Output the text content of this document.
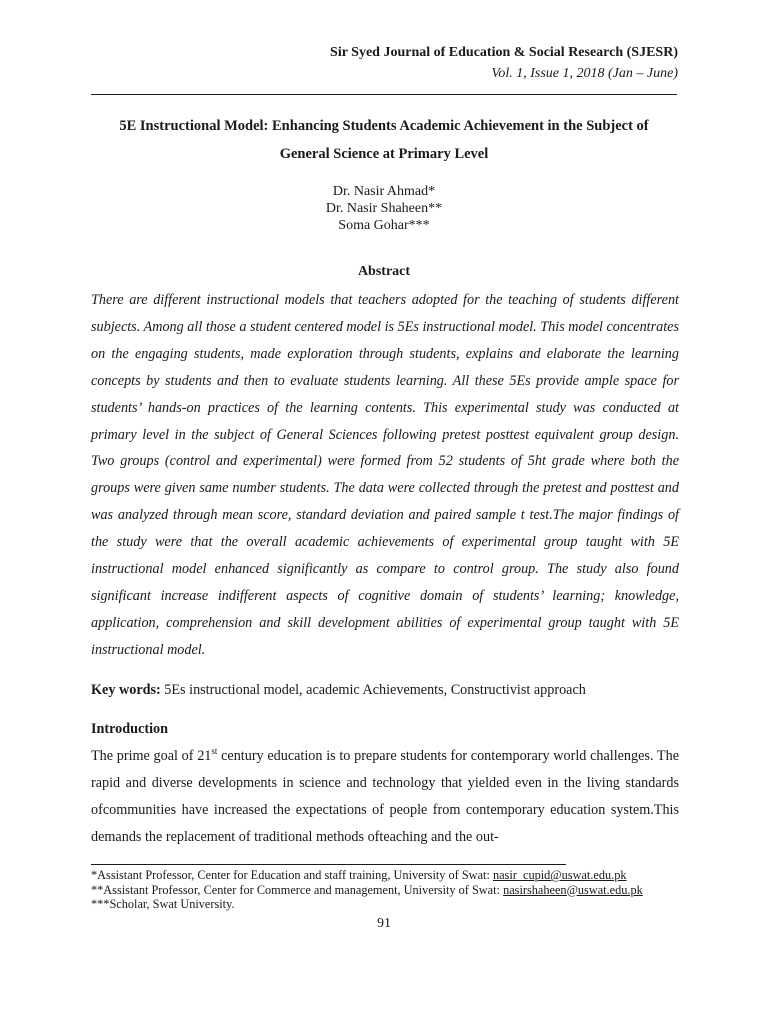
Sir Syed Journal of Education & Social Research (SJESR)
Vol. 1, Issue 1, 2018 (Jan – June)
5E Instructional Model: Enhancing Students Academic Achievement in the Subject of
General Science at Primary Level
Dr. Nasir Ahmad*
Dr. Nasir Shaheen**
Soma Gohar***
Abstract

There are different instructional models that teachers adopted for the teaching of students different subjects. Among all those a student centered model is 5Es instructional model. This model concentrates on the engaging students, made exploration through students, explains and elaborate the learning concepts by students and then to evaluate students learning. All these 5Es provide ample space for students’ hands-on practices of the learning contents. This experimental study was conducted at primary level in the subject of General Sciences following pretest posttest equivalent group design. Two groups (control and experimental) were formed from 52 students of 5ht grade where both the groups were given same number students. The data were collected through the pretest and posttest and was analyzed through mean score, standard deviation and paired sample t test.The major findings of the study were that the overall academic achievements of experimental group taught with 5E instructional model enhanced significantly as compare to control group. The study also found significant increase indifferent aspects of cognitive domain of students’ learning; knowledge, application, comprehension and skill development abilities of experimental group taught with 5E instructional model.

Key words: 5Es instructional model, academic Achievements, Constructivist approach

Introduction

The prime goal of 21st century education is to prepare students for contemporary world challenges. The rapid and diverse developments in science and technology that yielded even in the living standards ofcommunities have increased the expectations of people from contemporary education system.This demands the replacement of traditional methods ofteaching and the out-

*Assistant Professor, Center for Education and staff training, University of Swat: nasir_cupid@uswat.edu.pk
**Assistant Professor, Center for Commerce and management, University of Swat: nasirshaheen@uswat.edu.pk
***Scholar, Swat University.
91
